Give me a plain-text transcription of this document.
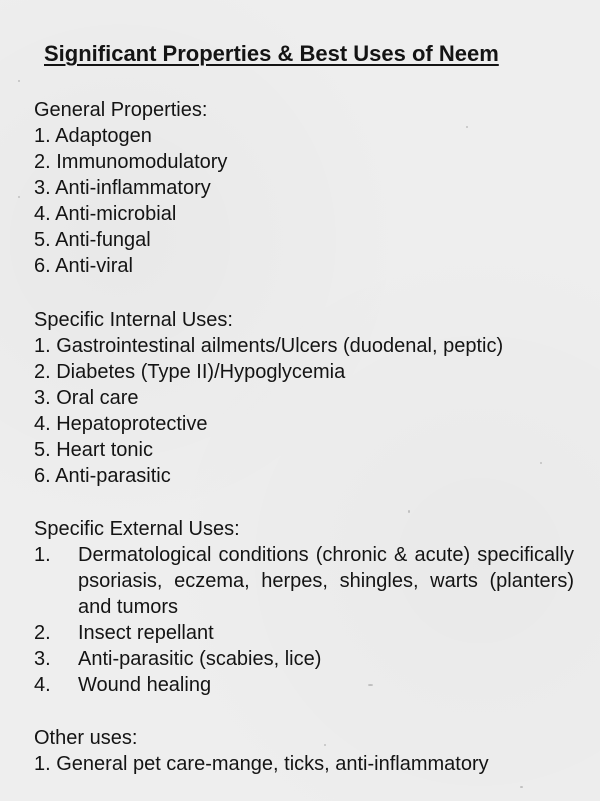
Significant Properties & Best Uses of Neem
General Properties:
1. Adaptogen
2. Immunomodulatory
3. Anti-inflammatory
4. Anti-microbial
5. Anti-fungal
6. Anti-viral
Specific Internal Uses:
1. Gastrointestinal ailments/Ulcers (duodenal, peptic)
2. Diabetes (Type II)/Hypoglycemia
3. Oral care
4. Hepatoprotective
5. Heart tonic
6. Anti-parasitic
Specific External Uses:
1.	Dermatological conditions (chronic & acute) specifically psoriasis, eczema, herpes, shingles, warts (planters) and tumors
2.	Insect repellant
3.	Anti-parasitic (scabies, lice)
4.	Wound healing
Other uses:
1. General pet care-mange, ticks, anti-inflammatory
